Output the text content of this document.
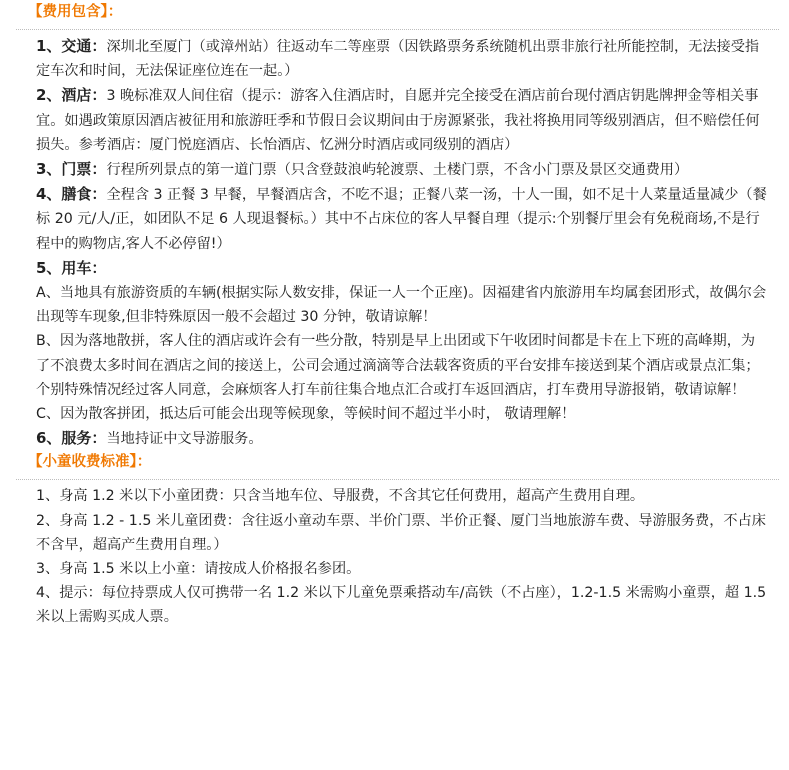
【费用包含】：

1、交通：深圳北至厦门（或漳州站）往返动车二等座票（因铁路票务系统随机出票非旅行社所能控制，无法接受指定车次和时间，无法保证座位连在一起。）

2、酒店：3 晚标准双人间住宿（提示：游客入住酒店时，自愿并完全接受在酒店前台现付酒店钥匙牌押金等相关事宜。如遇政策原因酒店被征用和旅游旺季和节假日会议期间由于房源紧张，我社将换用同等级别酒店，但不赔偿任何损失。参考酒店：厦门悦庭酒店、长怡酒店、忆洲分时酒店或同级别的酒店）

3、门票：行程所列景点的第一道门票（只含登鼓浪屿轮渡票、土楼门票，不含小门票及景区交通费用）

4、膳食：全程含 3 正餐 3 早餐，早餐酒店含，不吃不退；正餐八菜一汤，十人一围，如不足十人菜量适量减少（餐标 20 元/人/正，如团队不足 6 人现退餐标。）其中不占床位的客人早餐自理（提示:个别餐厅里会有免税商场,不是行程中的购物店,客人不必停留!）

5、用车：

A、当地具有旅游资质的车辆(根据实际人数安排，保证一人一个正座)。因福建省内旅游用车均属套团形式，故偶尔会出现等车现象,但非特殊原因一般不会超过 30 分钟，敬请谅解！

B、因为落地散拼，客人住的酒店或许会有一些分散，特别是早上出团或下午收团时间都是卡在上下班的高峰期，为了不浪费太多时间在酒店之间的接送上，公司会通过滴滴等合法载客资质的平台安排车接送到某个酒店或景点汇集；个别特殊情况经过客人同意，会麻烦客人打车前往集合地点汇合或打车返回酒店，打车费用导游报销，敬请谅解！

C、因为散客拼团，抵达后可能会出现等候现象，等候时间不超过半小时， 敬请理解！

6、服务：当地持证中文导游服务。

【小童收费标准】：

1、身高 1.2 米以下小童团费：只含当地车位、导服费，不含其它任何费用，超高产生费用自理。

2、身高 1.2 - 1.5 米儿童团费：含往返小童动车票、半价门票、半价正餐、厦门当地旅游车费、导游服务费，不占床不含早，超高产生费用自理。）

3、身高 1.5 米以上小童：请按成人价格报名参团。

4、提示：每位持票成人仅可携带一名 1.2 米以下儿童免票乘搭动车/高铁（不占座），1.2-1.5 米需购小童票，超 1.5 米以上需购买成人票。
